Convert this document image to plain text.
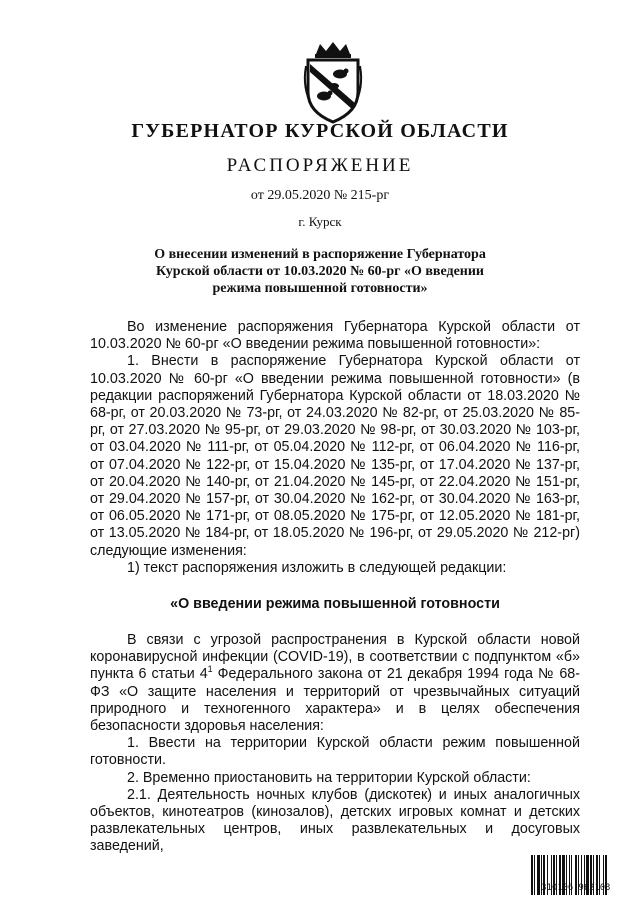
ГУБЕРНАТОР КУРСКОЙ ОБЛАСТИ
РАСПОРЯЖЕНИЕ
от 29.05.2020 № 215-рг
г. Курск
О внесении изменений в распоряжение Губернатора
Курской области от 10.03.2020 № 60-рг «О введении
режима повышенной готовности»

Во изменение распоряжения Губернатора Курской области от 10.03.2020 № 60-рг «О введении режима повышенной готовности»:

1. Внести в распоряжение Губернатора Курской области от 10.03.2020 № 60-рг «О введении режима повышенной готовности» (в редакции распоряжений Губернатора Курской области от 18.03.2020 № 68-рг, от 20.03.2020 № 73-рг, от 24.03.2020 № 82-рг, от 25.03.2020 № 85-рг, от 27.03.2020 № 95-рг, от 29.03.2020 № 98-рг, от 30.03.2020 № 103-рг, от 03.04.2020 № 111-рг, от 05.04.2020 № 112-рг, от 06.04.2020 № 116-рг, от 07.04.2020 № 122-рг, от 15.04.2020 № 135-рг, от 17.04.2020 № 137-рг, от 20.04.2020 № 140-рг, от 21.04.2020 № 145-рг, от 22.04.2020 № 151-рг, от 29.04.2020 № 157-рг, от 30.04.2020 № 162-рг, от 30.04.2020 № 163-рг, от 06.05.2020 № 171-рг, от 08.05.2020 № 175-рг, от 12.05.2020 № 181-рг, от 13.05.2020 № 184-рг, от 18.05.2020 № 196-рг, от 29.05.2020 № 212-рг) следующие изменения:

1) текст распоряжения изложить в следующей редакции:

«О введении режима повышенной готовности

В связи с угрозой распространения в Курской области новой коронавирусной инфекции (COVID-19), в соответствии с подпунктом «б» пункта 6 статьи $4^1$ Федерального закона от 21 декабря 1994 года № 68-ФЗ «О защите населения и территорий от чрезвычайных ситуаций природного и техногенного характера» и в целях обеспечения безопасности здоровья населения:

1. Ввести на территории Курской области режим повышенной готовности.

2. Временно приостановить на территории Курской области:

2.1. Деятельность ночных клубов (дискотек) и иных аналогичных объектов, кинотеатров (кинозалов), детских игровых комнат и детских развлекательных центров, иных развлекательных и досуговых заведений,

310106 962103
